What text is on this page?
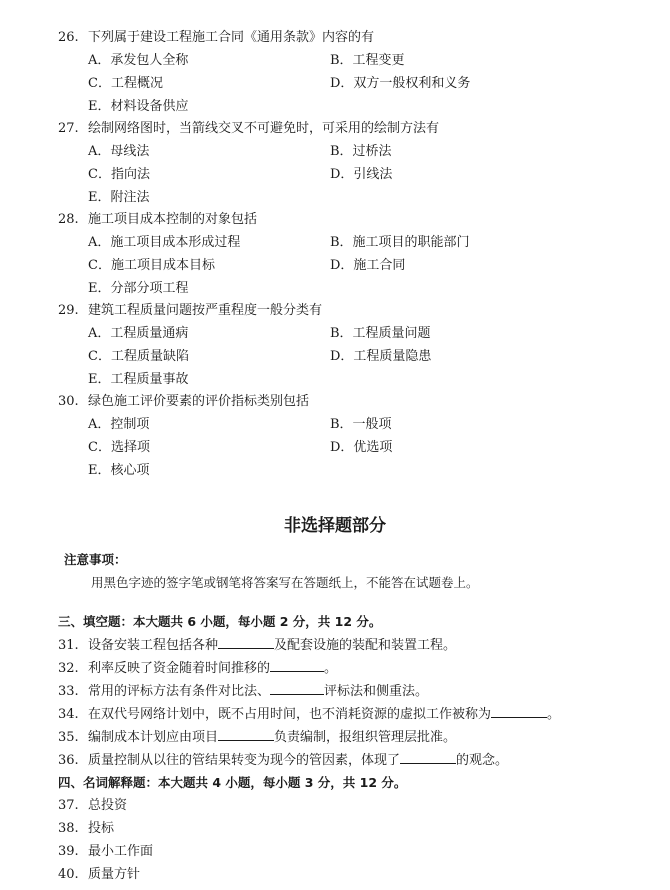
26. 下列属于建设工程施工合同《通用条款》内容的有
A．承发包人全称	B．工程变更
C．工程概况	D．双方一般权利和义务
E．材料设备供应
27. 绘制网络图时，当箭线交叉不可避免时，可采用的绘制方法有
A．母线法	B．过桥法
C．指向法	D．引线法
E．附注法
28. 施工项目成本控制的对象包括
A．施工项目成本形成过程	B．施工项目的职能部门
C．施工项目成本目标	D．施工合同
E．分部分项工程
29. 建筑工程质量问题按严重程度一般分类有
A．工程质量通病	B．工程质量问题
C．工程质量缺陷	D．工程质量隐患
E．工程质量事故
30. 绿色施工评价要素的评价指标类别包括
A．控制项	B．一般项
C．选择项	D．优选项
E．核心项
非选择题部分
注意事项：
用黑色字迹的签字笔或钢笔将答案写在答题纸上，不能答在试题卷上。
三、填空题：本大题共 6 小题，每小题 2 分，共 12 分。
31. 设备安装工程包括各种	及配套设施的装配和装置工程。
32. 利率反映了资金随着时间推移的	。
33. 常用的评标方法有条件对比法、	评标法和侧重法。
34. 在双代号网络计划中，既不占用时间，也不消耗资源的虚拟工作被称为	。
35. 编制成本计划应由项目	负责编制，报组织管理层批准。
36. 质量控制从以往的管结果转变为现今的管因素，体现了	的观念。
四、名词解释题：本大题共 4 小题，每小题 3 分，共 12 分。
37. 总投资
38. 投标
39. 最小工作面
40. 质量方针
